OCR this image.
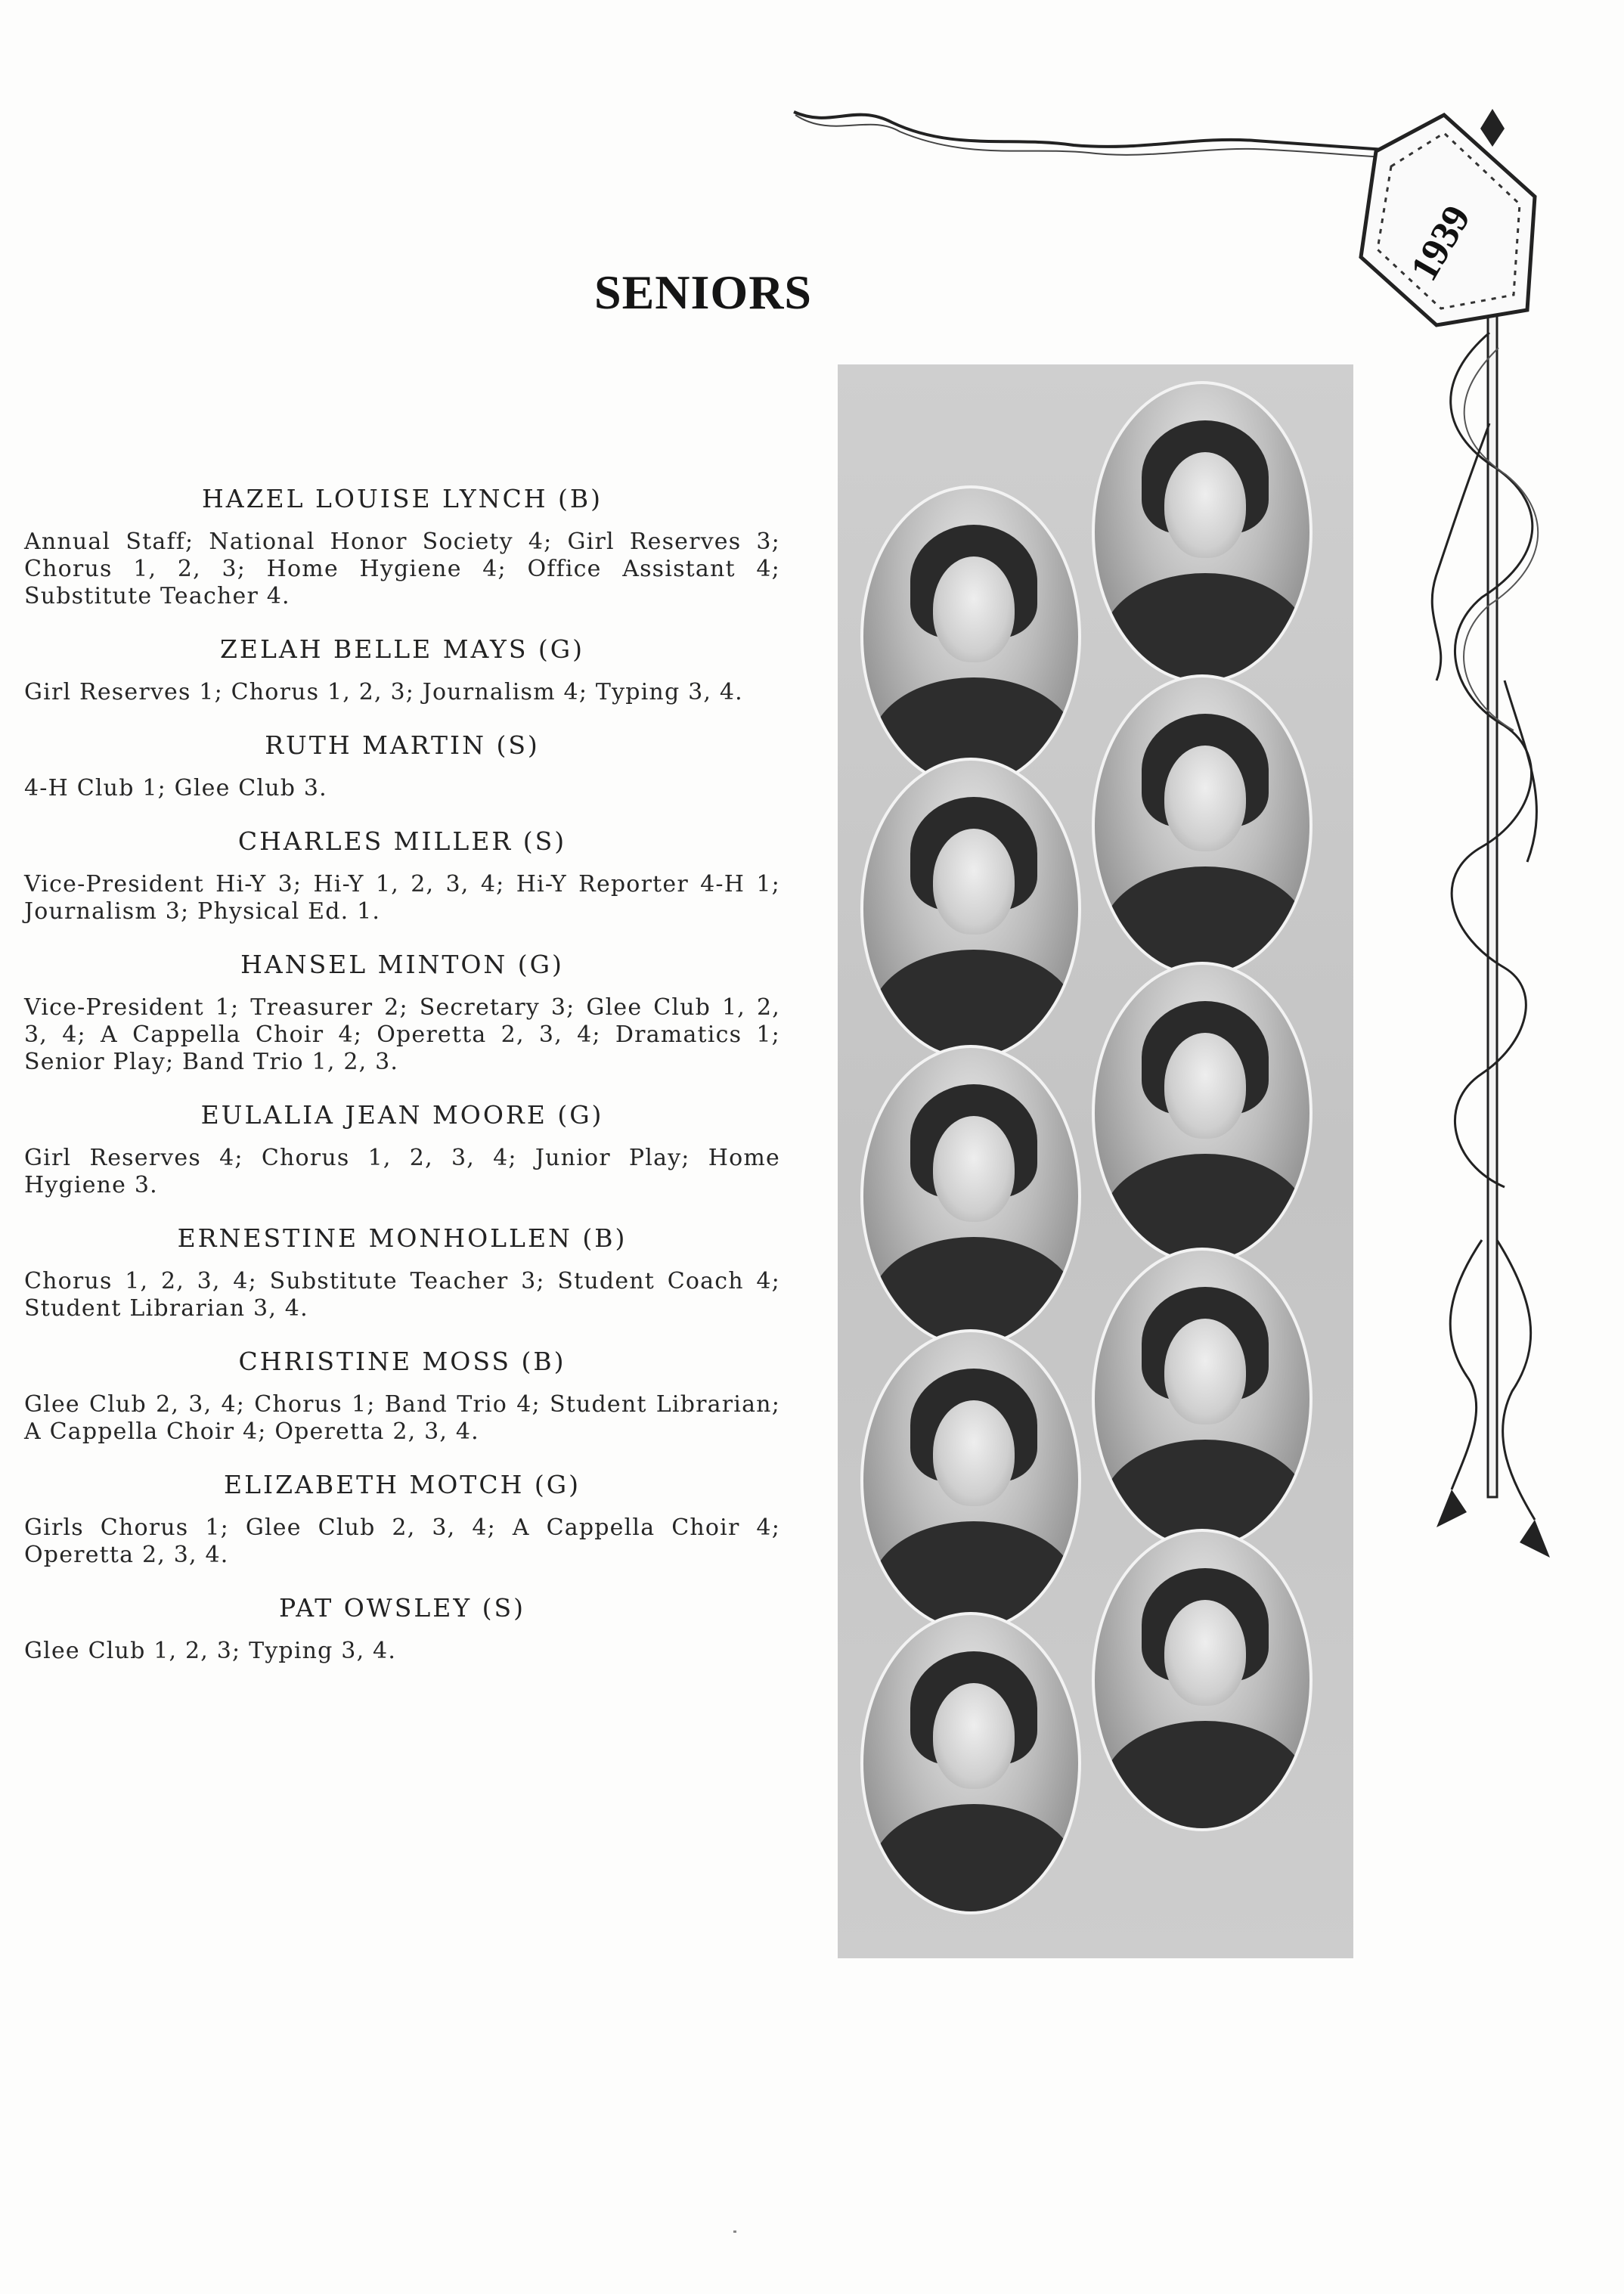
1939
SENIORS
HAZEL LOUISE LYNCH (B)
Annual Staff; National Honor Society 4; Girl Reserves 3; Chorus 1, 2, 3; Home Hygiene 4; Office Assistant 4; Substitute Teacher 4.
ZELAH BELLE MAYS (G)
Girl Reserves 1; Chorus 1, 2, 3; Journalism 4; Typing 3, 4.
RUTH MARTIN (S)
4-H Club 1; Glee Club 3.
CHARLES MILLER (S)
Vice-President Hi-Y 3; Hi-Y 1, 2, 3, 4; Hi-Y Reporter 4-H 1; Journalism 3; Physical Ed. 1.
HANSEL MINTON (G)
Vice-President 1; Treasurer 2; Secretary 3; Glee Club 1, 2, 3, 4; A Cappella Choir 4; Operetta 2, 3, 4; Dramatics 1; Senior Play; Band Trio 1, 2, 3.
EULALIA JEAN MOORE (G)
Girl Reserves 4; Chorus 1, 2, 3, 4; Junior Play; Home Hygiene 3.
ERNESTINE MONHOLLEN (B)
Chorus 1, 2, 3, 4; Substitute Teacher 3; Student Coach 4; Student Librarian 3, 4.
CHRISTINE MOSS (B)
Glee Club 2, 3, 4; Chorus 1; Band Trio 4; Student Librarian; A Cappella Choir 4; Operetta 2, 3, 4.
ELIZABETH MOTCH (G)
Girls Chorus 1; Glee Club 2, 3, 4; A Cappella Choir 4; Operetta 2, 3, 4.
PAT OWSLEY (S)
Glee Club 1, 2, 3; Typing 3, 4.
